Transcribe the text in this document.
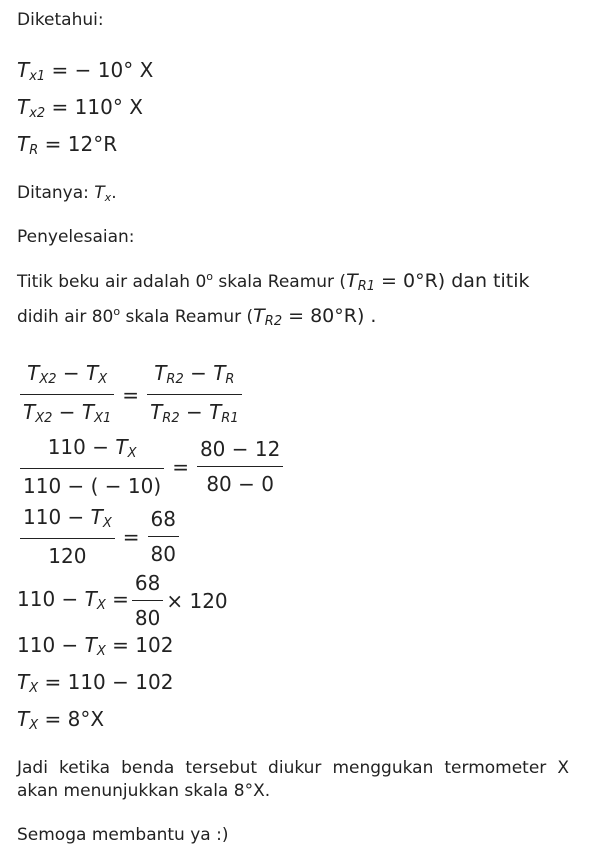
Diketahui:
$T_{x1}$ = − 10° X
$T_{x2} = 110^\circ$ X
$T_R = 12^\circ R$
Ditanya: $T_x$.
Penyelesaian:
Titik beku air adalah 0$^o$ skala Reamur $(T_{R1} = 0^\circ R)$ dan titik
didih air 80$^o$ skala Reamur $(T_{R2} = 80^\circ R)$ .
$\frac{T_{X2} - T_X}{T_{X2} - T_{X1}} = \frac{T_{R2} - T_R}{T_{R2} - T_{R1}}$
$\frac{110 - T_X}{110 - ( - 10)} = \frac{80 - 12}{80 - 0}$
$\frac{110 - T_X}{120} = \frac{68}{80}$
$110 - T_X = \frac{68}{80} \times 120$
$110 - T_X = 102$
$T_X = 110 - 102$
$T_X = 8^\circ X$
Jadi ketika benda tersebut diukur menggukan termometer X
akan menunjukkan skala 8°X.
Semoga membantu ya :)
